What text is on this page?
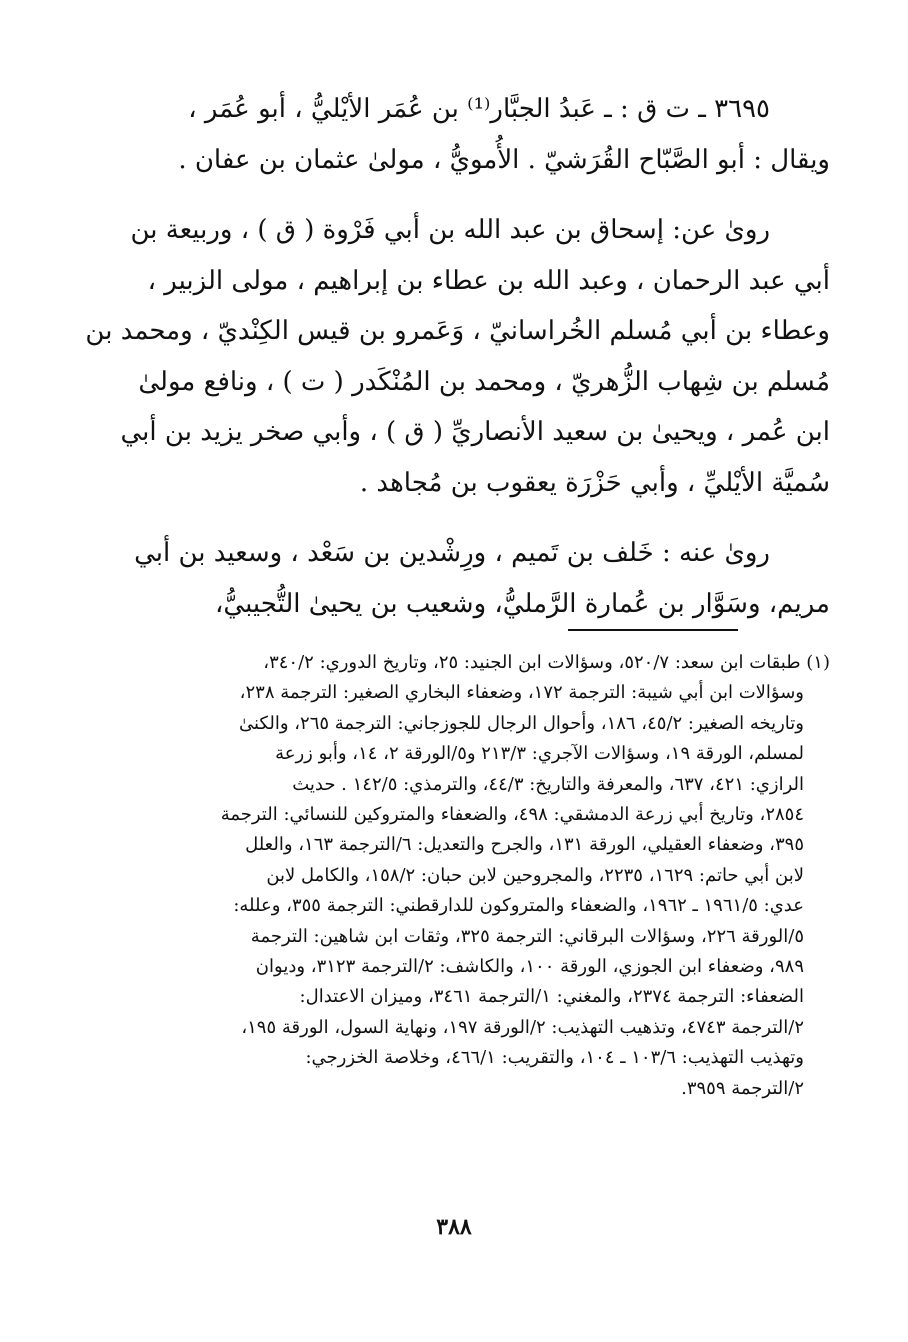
٣٦٩٥ ـ ت ق : ـ عَبدُ الجبَّار⁽¹⁾ بن عُمَر الأيْليُّ ، أبو عُمَر ،
ويقال : أبو الصَّبّاح القُرَشيّ . الأُمويُّ ، مولىٰ عثمان بن عفان .

روىٰ عن: إسحاق بن عبد الله بن أبي فَرْوة ( ق ) ، وربيعة بن
أبي عبد الرحمان ، وعبد الله بن عطاء بن إبراهيم ، مولى الزبير ،
وعطاء بن أبي مُسلم الخُراسانيّ ، وَعَمرو بن قيس الكِنْديّ ، ومحمد بن
مُسلم بن شِهاب الزُّهريّ ، ومحمد بن المُنْكَدر ( ت ) ، ونافع مولىٰ
ابن عُمر ، ويحيىٰ بن سعيد الأنصاريِّ ( ق ) ، وأبي صخر يزيد بن أبي
سُميَّة الأيْليِّ ، وأبي حَزْرَة يعقوب بن مُجاهد .

روىٰ عنه : خَلف بن تَميم ، ورِشْدين بن سَعْد ، وسعيد بن أبي
مريم، وسَوَّار بن عُمارة الرَّمليُّ، وشعيب بن يحيىٰ التُّجيبيُّ،

(١) طبقات ابن سعد: ٥٢٠/٧، وسؤالات ابن الجنيد: ٢٥، وتاريخ الدوري: ٣٤٠/٢،

وسؤالات ابن أبي شيبة: الترجمة ١٧٢، وضعفاء البخاري الصغير: الترجمة ٢٣٨،
وتاريخه الصغير: ٤٥/٢، ١٨٦، وأحوال الرجال للجوزجاني: الترجمة ٢٦٥، والكنىٰ
لمسلم، الورقة ١٩، وسؤالات الآجري: ٢١٣/٣ و٥/الورقة ٢، ١٤، وأبو زرعة
الرازي: ٤٢١، ٦٣٧، والمعرفة والتاريخ: ٤٤/٣، والترمذي: ١٤٢/٥ . حديث
٢٨٥٤، وتاريخ أبي زرعة الدمشقي: ٤٩٨، والضعفاء والمتروكين للنسائي: الترجمة
٣٩٥، وضعفاء العقيلي، الورقة ١٣١، والجرح والتعديل: ٦/الترجمة ١٦٣، والعلل
لابن أبي حاتم: ١٦٢٩، ٢٢٣٥، والمجروحين لابن حبان: ١٥٨/٢، والكامل لابن
عدي: ١٩٦١/٥ ـ ١٩٦٢، والضعفاء والمتروكون للدارقطني: الترجمة ٣٥٥، وعلله:
٥/الورقة ٢٢٦، وسؤالات البرقاني: الترجمة ٣٢٥، وثقات ابن شاهين: الترجمة
٩٨٩، وضعفاء ابن الجوزي، الورقة ١٠٠، والكاشف: ٢/الترجمة ٣١٢٣، وديوان
الضعفاء: الترجمة ٢٣٧٤، والمغني: ١/الترجمة ٣٤٦١، وميزان الاعتدال:
٢/الترجمة ٤٧٤٣، وتذهيب التهذيب: ٢/الورقة ١٩٧، ونهاية السول، الورقة ١٩٥،
وتهذيب التهذيب: ١٠٣/٦ ـ ١٠٤، والتقريب: ٤٦٦/١، وخلاصة الخزرجي:
٢/الترجمة ٣٩٥٩.

٣٨٨
